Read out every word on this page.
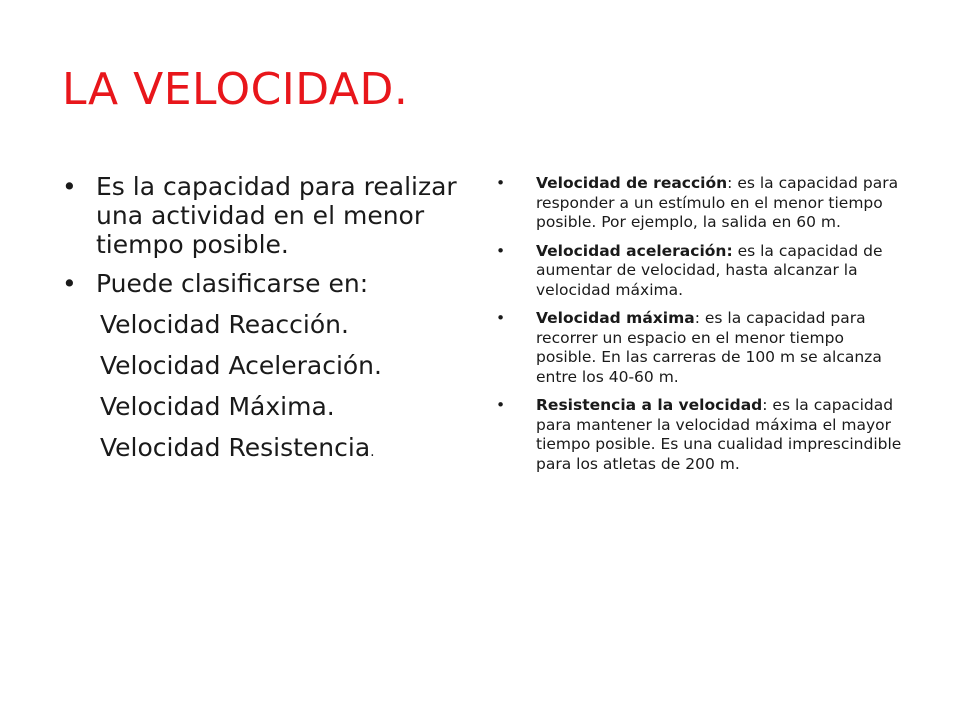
LA VELOCIDAD.
• Es la capacidad para realizar una actividad en el menor tiempo posible.
• Puede clasificarse en:
Velocidad Reacción.
Velocidad Aceleración.
Velocidad Máxima.
Velocidad Resistencia.
• Velocidad de reacción: es la capacidad para responder a un estímulo en el menor tiempo posible. Por ejemplo, la salida en 60 m.
• Velocidad aceleración: es la capacidad de aumentar de velocidad, hasta alcanzar la velocidad máxima.
• Velocidad máxima: es la capacidad para recorrer un espacio en el menor tiempo posible. En las carreras de 100 m se alcanza entre los 40-60 m.
• Resistencia a la velocidad: es la capacidad para mantener la velocidad máxima el mayor tiempo posible. Es una cualidad imprescindible para los atletas de 200 m.
